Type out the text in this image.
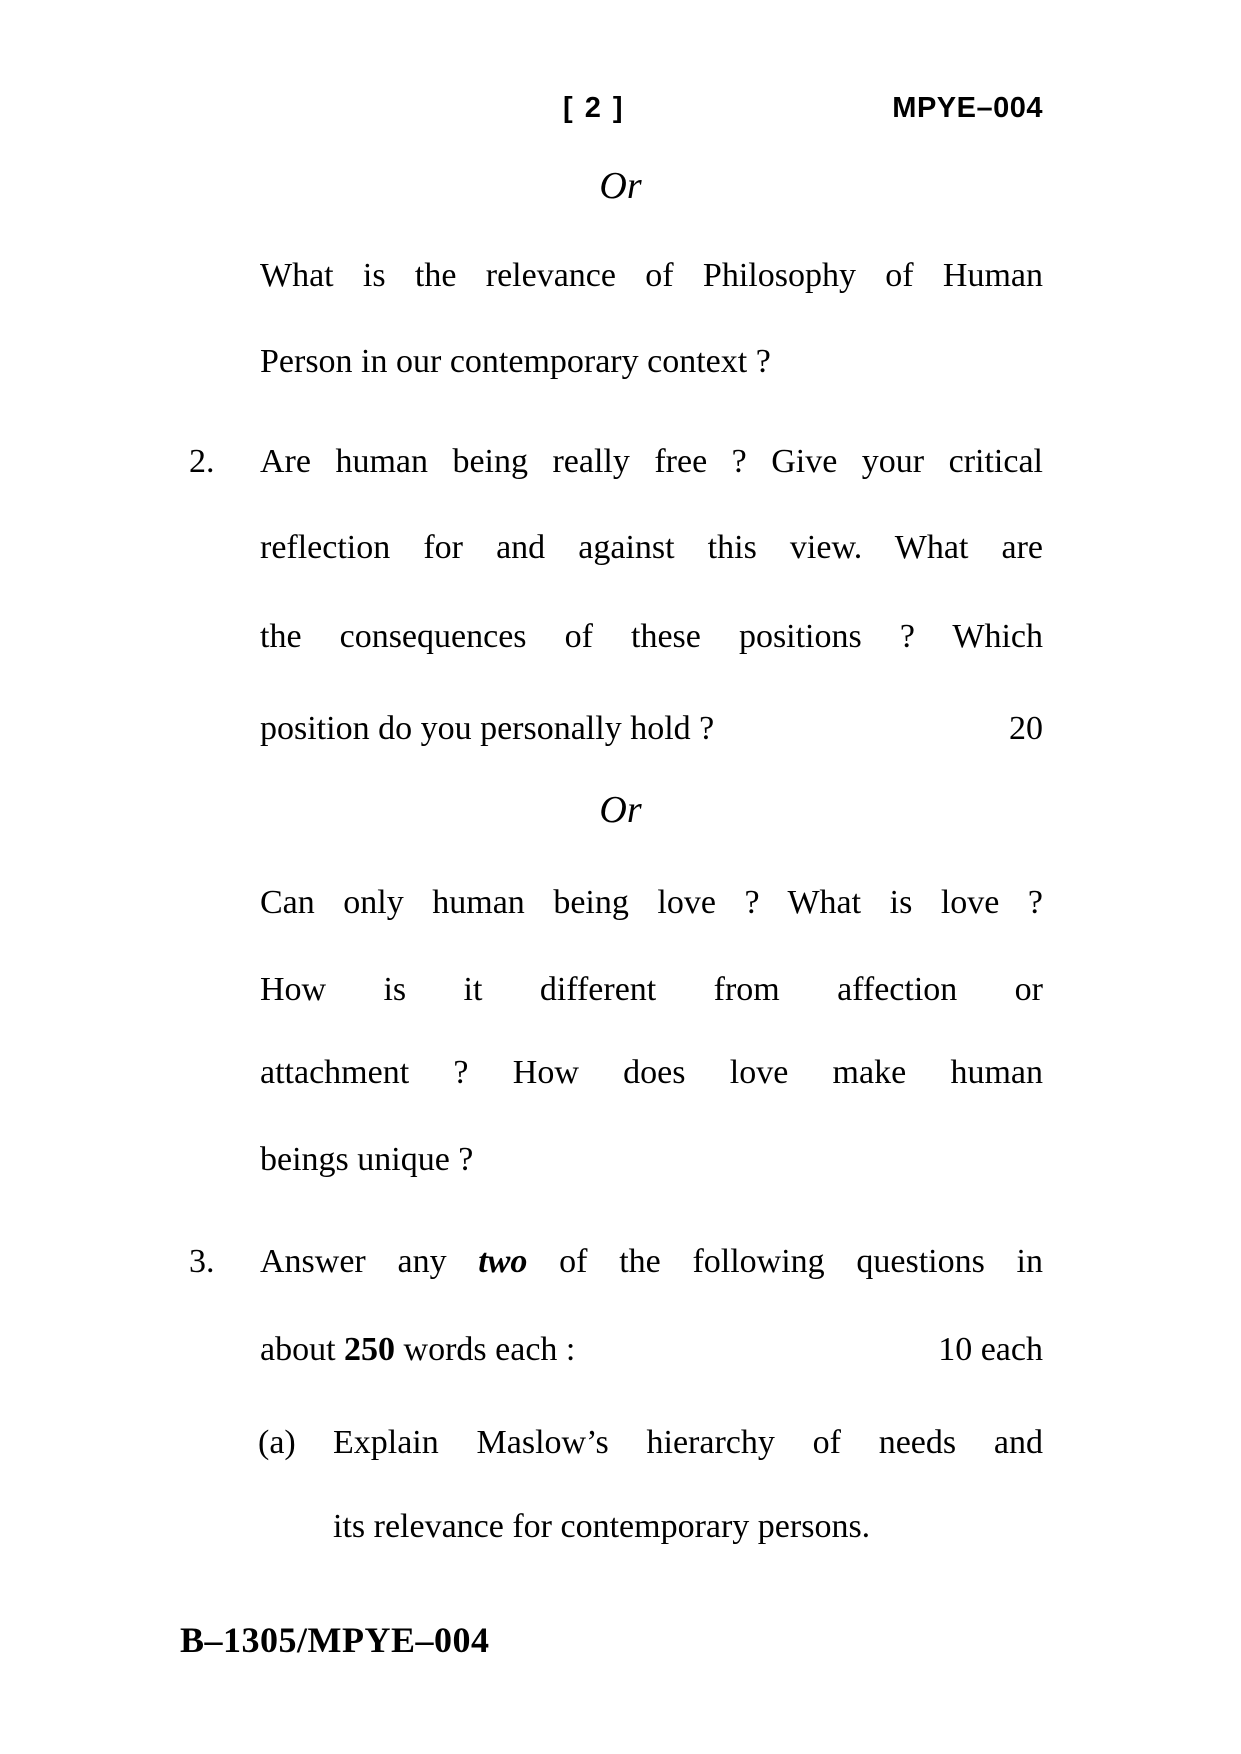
[ 2 ]	MPYE–004
Or
What is the relevance of Philosophy of Human
Person in our contemporary context ?
2. Are human being really free ? Give your critical
reflection for and against this view. What are
the consequences of these positions ? Which
position do you personally hold ?	20
Or
Can only human being love ? What is love ?
How is it different from affection or
attachment ? How does love make human
beings unique ?
3. Answer any two of the following questions in
about 250 words each :	10 each
(a) Explain Maslow’s hierarchy of needs and
its relevance for contemporary persons.
B–1305/MPYE–004
